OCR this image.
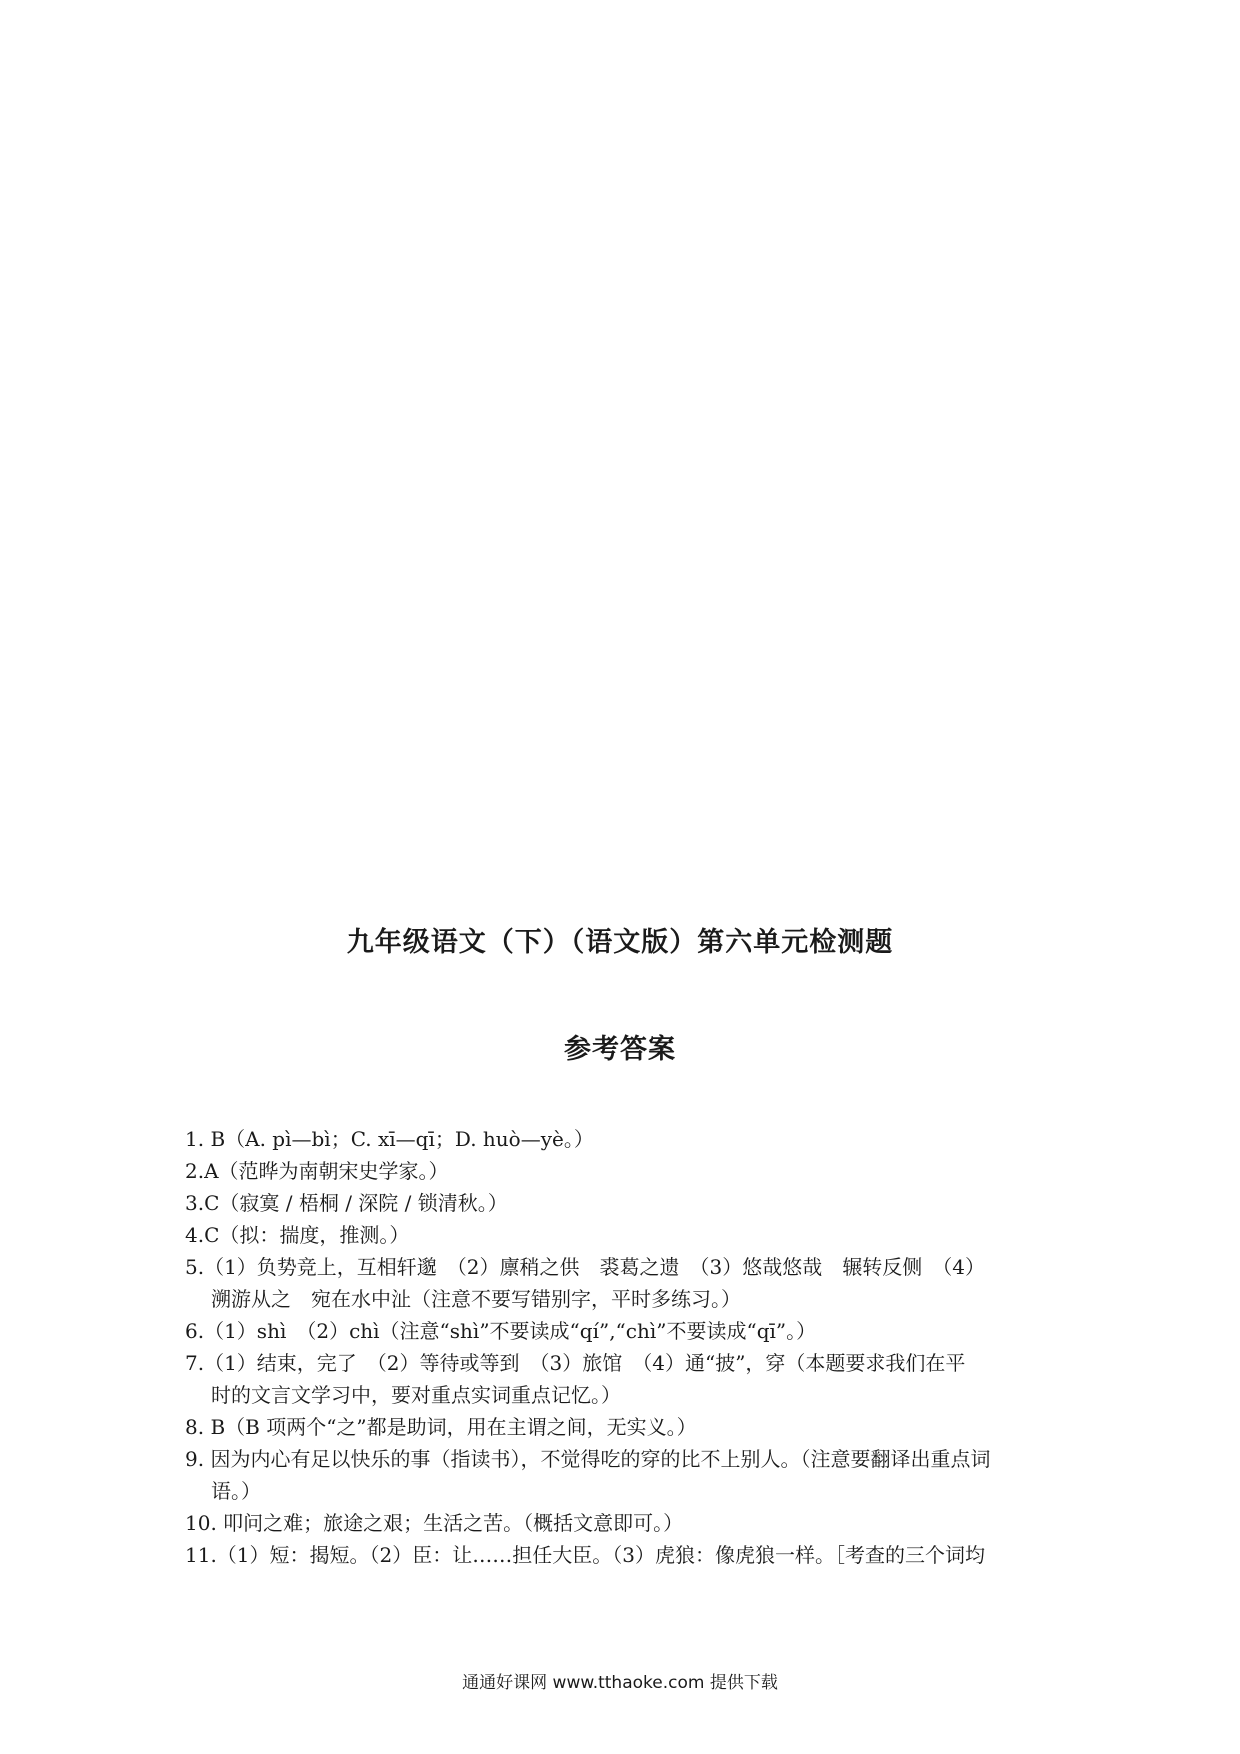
九年级语文（下）（语文版）第六单元检测题
参考答案
1. B（A. pì—bì；C. xī—qī；D. huò—yè。）
2.A（范晔为南朝宋史学家。）
3.C（寂寞 / 梧桐 / 深院 / 锁清秋。）
4.C（拟：揣度，推测。）
5.（1）负势竞上，互相轩邈　（2）廪稍之供　裘葛之遗　（3）悠哉悠哉　辗转反侧　（4）
溯游从之　宛在水中沚（注意不要写错别字，平时多练习。）
6.（1）shì　（2）chì（注意“shì”不要读成“qí”,“chì”不要读成“qī”。）
7.（1）结束，完了　（2）等待或等到　（3）旅馆　（4）通“披”，穿（本题要求我们在平
时的文言文学习中，要对重点实词重点记忆。）
8. B（B 项两个“之”都是助词，用在主谓之间，无实义。）
9. 因为内心有足以快乐的事（指读书），不觉得吃的穿的比不上别人。（注意要翻译出重点词
语。）
10. 叩问之难；旅途之艰；生活之苦。（概括文意即可。）
11.（1）短：揭短。（2）臣：让……担任大臣。（3）虎狼：像虎狼一样。［考查的三个词均
通通好课网 www.tthaoke.com 提供下载
